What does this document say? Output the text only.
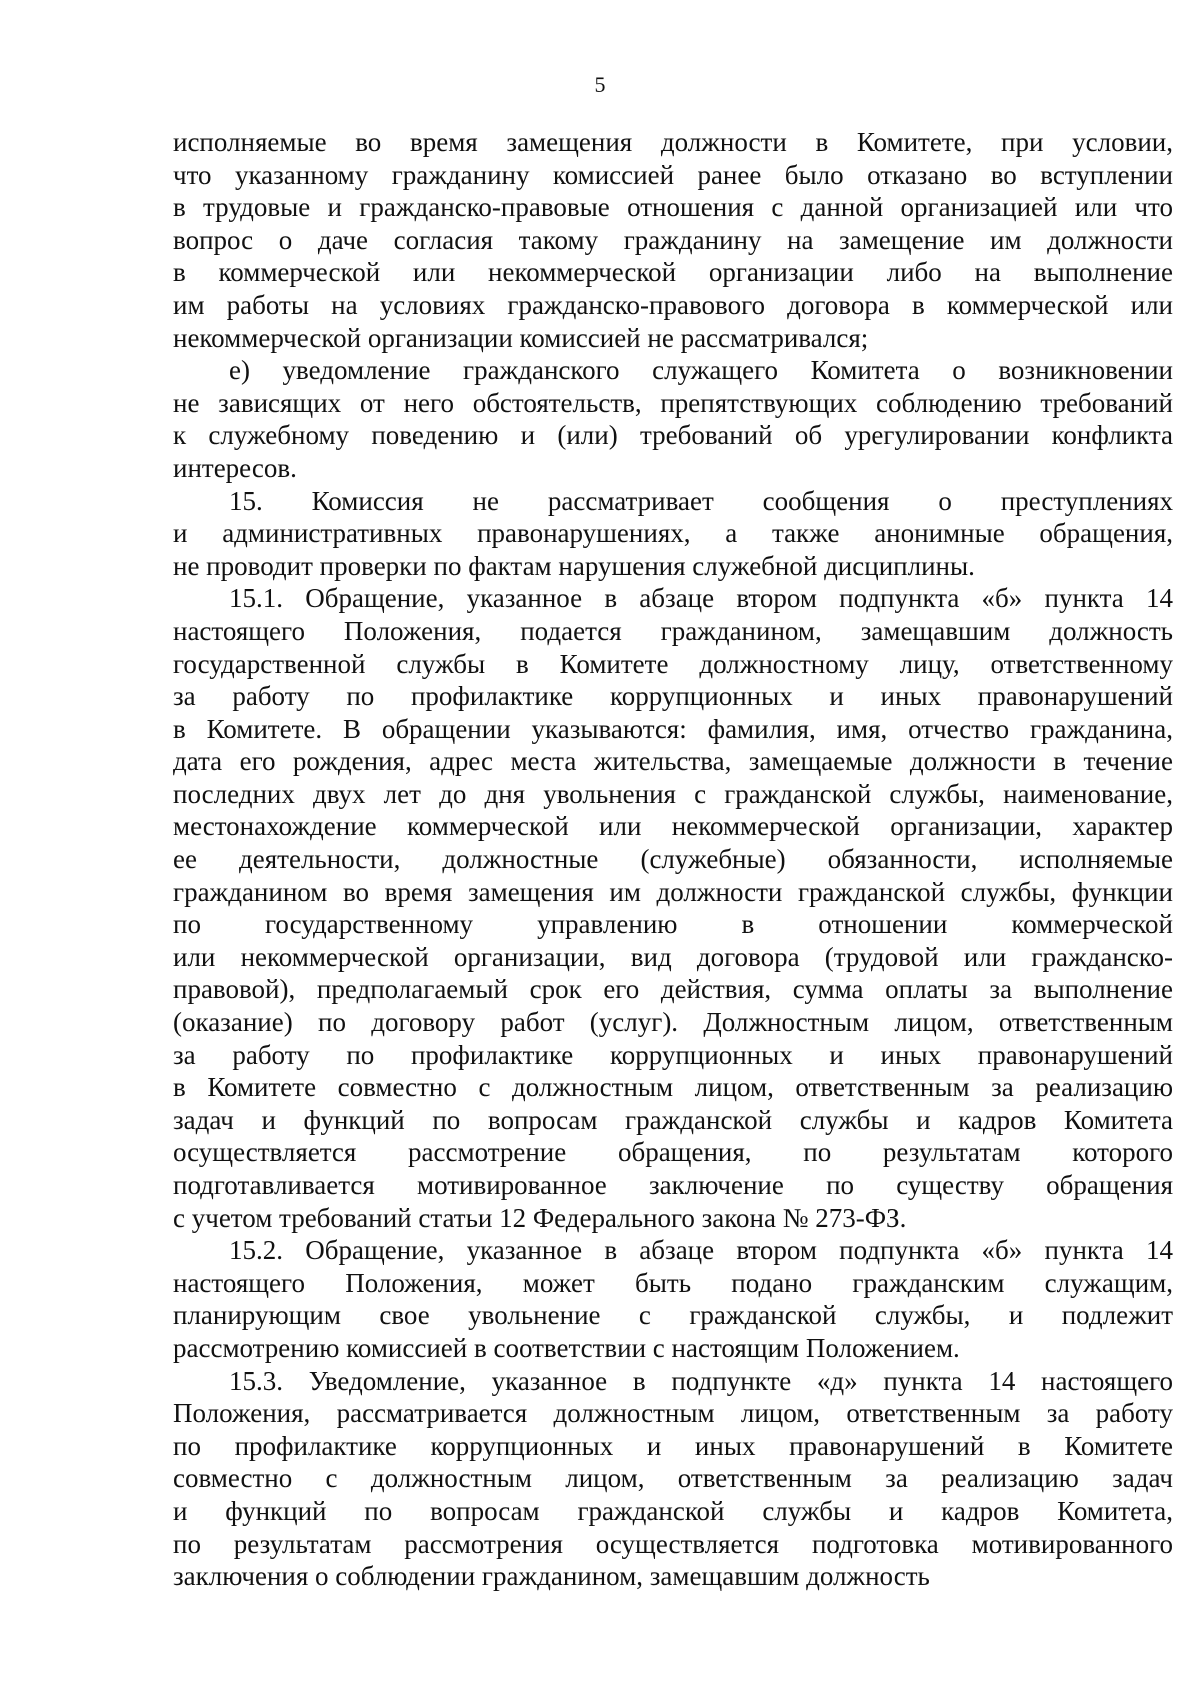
5
исполняемые во время замещения должности в Комитете, при условии,
что указанному гражданину комиссией ранее было отказано во вступлении
в трудовые и гражданско-правовые отношения с данной организацией или что
вопрос о даче согласия такому гражданину на замещение им должности
в коммерческой или некоммерческой организации либо на выполнение
им работы на условиях гражданско-правового договора в коммерческой или
некоммерческой организации комиссией не рассматривался;
е) уведомление гражданского служащего Комитета о возникновении
не зависящих от него обстоятельств, препятствующих соблюдению требований
к служебному поведению и (или) требований об урегулировании конфликта
интересов.
15. Комиссия не рассматривает сообщения о преступлениях
и административных правонарушениях, а также анонимные обращения,
не проводит проверки по фактам нарушения служебной дисциплины.
15.1. Обращение, указанное в абзаце втором подпункта «б» пункта 14
настоящего Положения, подается гражданином, замещавшим должность
государственной службы в Комитете должностному лицу, ответственному
за работу по профилактике коррупционных и иных правонарушений
в Комитете. В обращении указываются: фамилия, имя, отчество гражданина,
дата его рождения, адрес места жительства, замещаемые должности в течение
последних двух лет до дня увольнения с гражданской службы, наименование,
местонахождение коммерческой или некоммерческой организации, характер
ее деятельности, должностные (служебные) обязанности, исполняемые
гражданином во время замещения им должности гражданской службы, функции
по государственному управлению в отношении коммерческой
или некоммерческой организации, вид договора (трудовой или гражданско-
правовой), предполагаемый срок его действия, сумма оплаты за выполнение
(оказание) по договору работ (услуг). Должностным лицом, ответственным
за работу по профилактике коррупционных и иных правонарушений
в Комитете совместно с должностным лицом, ответственным за реализацию
задач и функций по вопросам гражданской службы и кадров Комитета
осуществляется рассмотрение обращения, по результатам которого
подготавливается мотивированное заключение по существу обращения
с учетом требований статьи 12 Федерального закона № 273-ФЗ.
15.2. Обращение, указанное в абзаце втором подпункта «б» пункта 14
настоящего Положения, может быть подано гражданским служащим,
планирующим свое увольнение с гражданской службы, и подлежит
рассмотрению комиссией в соответствии с настоящим Положением.
15.3. Уведомление, указанное в подпункте «д» пункта 14 настоящего
Положения, рассматривается должностным лицом, ответственным за работу
по профилактике коррупционных и иных правонарушений в Комитете
совместно с должностным лицом, ответственным за реализацию задач
и функций по вопросам гражданской службы и кадров Комитета,
по результатам рассмотрения осуществляется подготовка мотивированного
заключения о соблюдении гражданином, замещавшим должность
